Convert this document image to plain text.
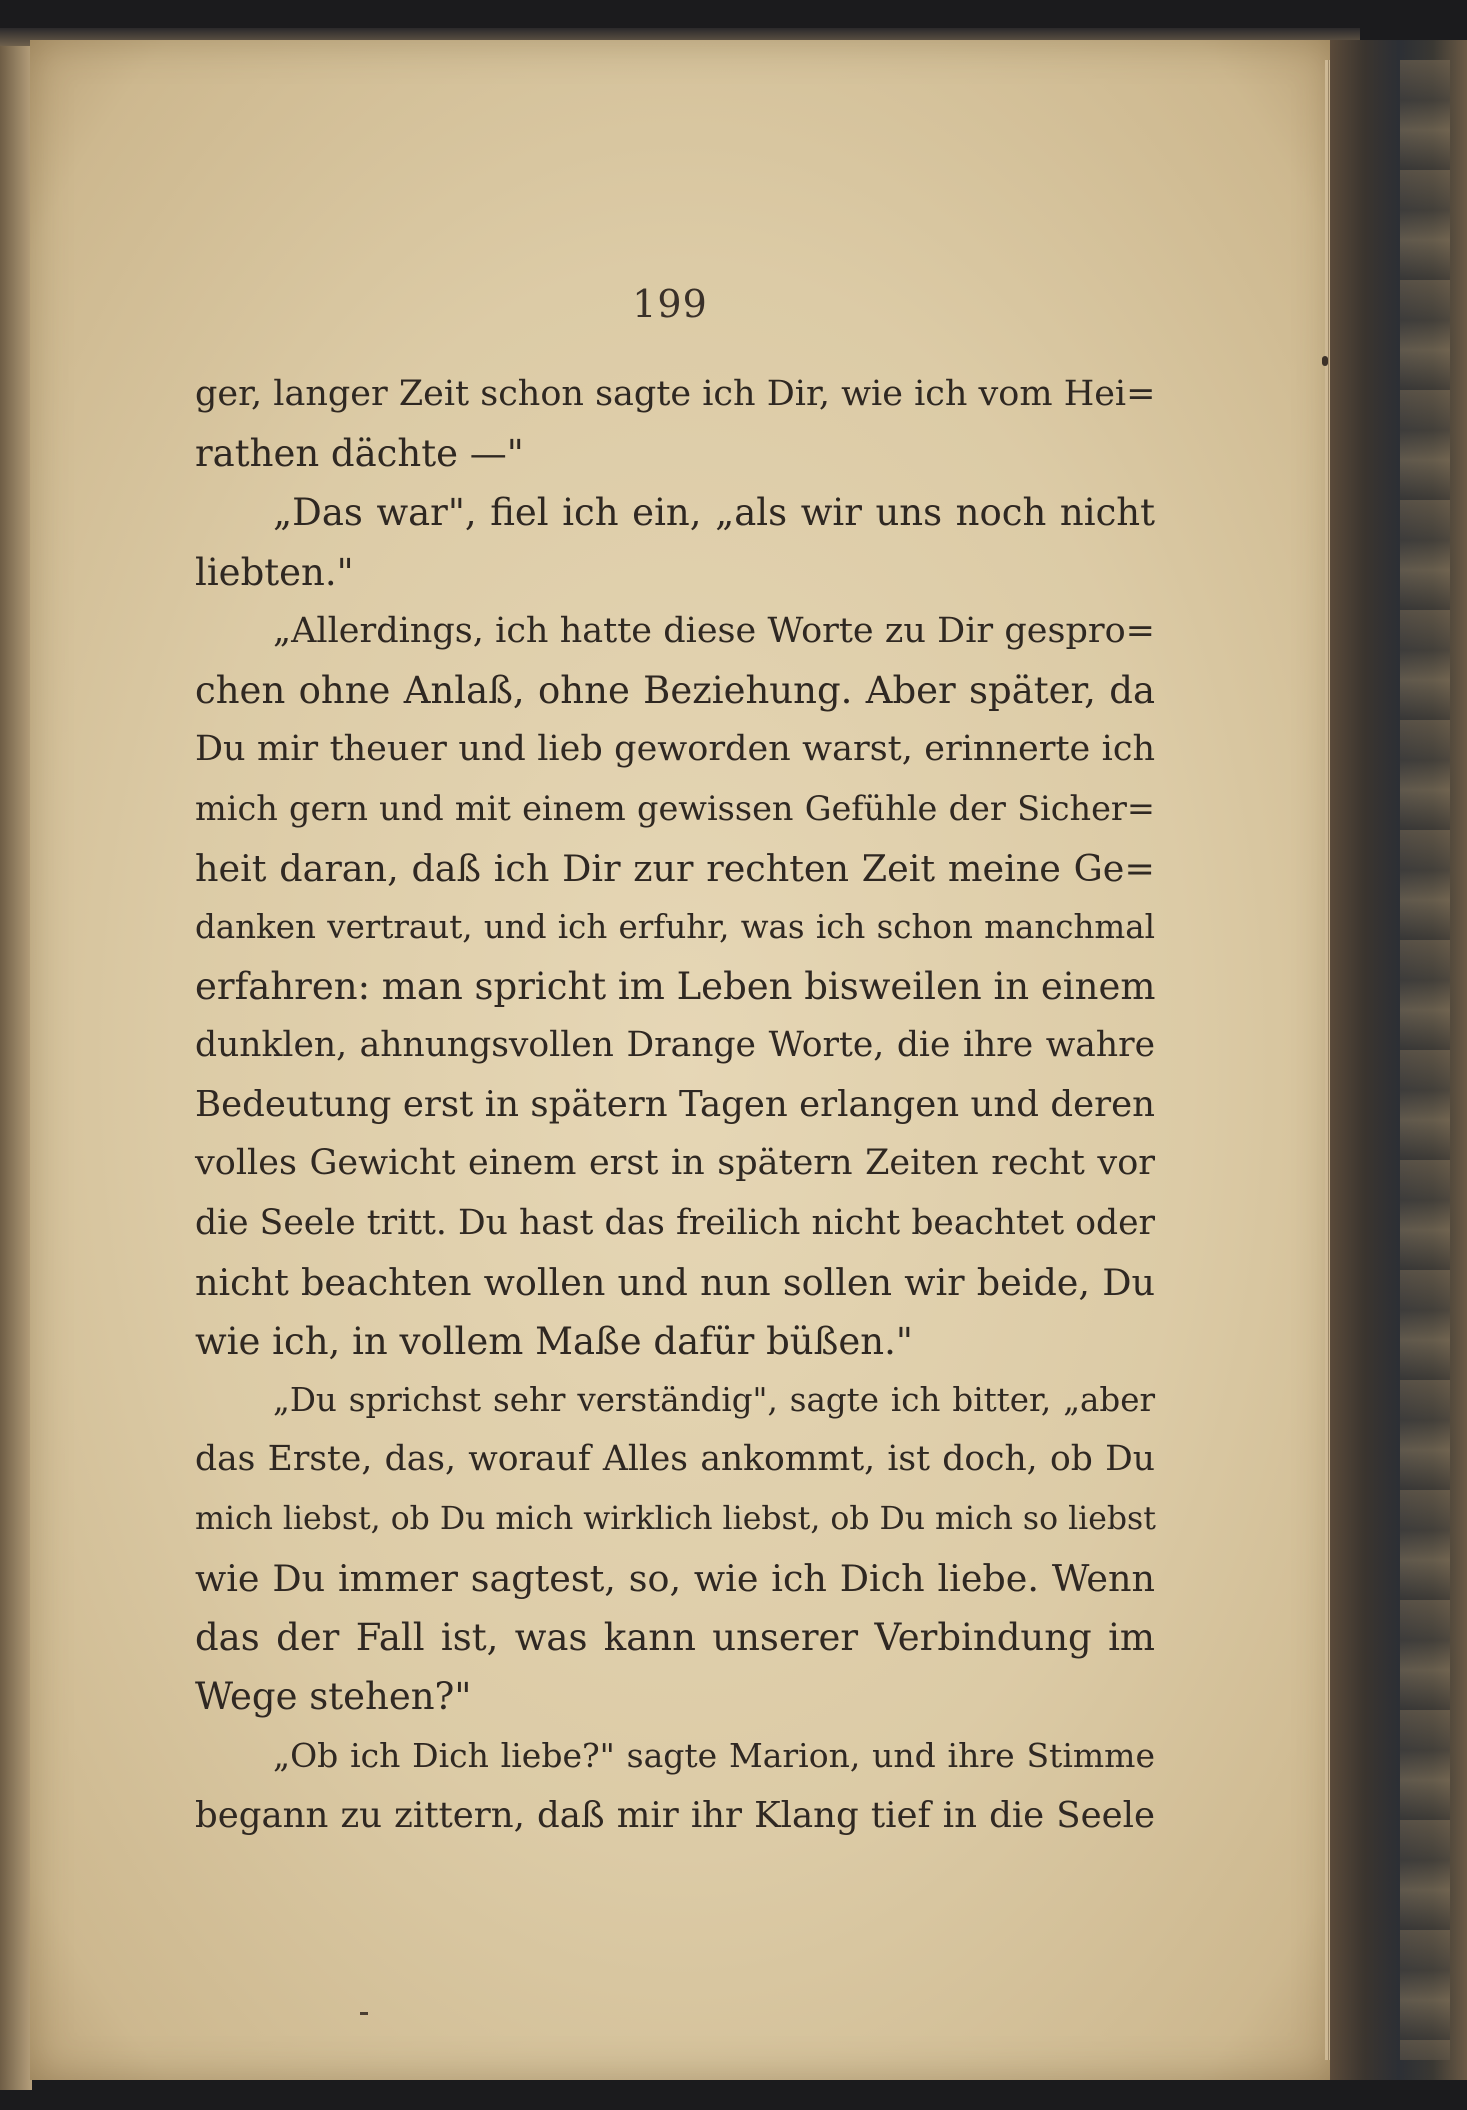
199
ger, langer Zeit schon sagte ich Dir, wie ich vom Hei=
rathen dächte —"
„Das war", fiel ich ein, „als wir uns noch nicht
liebten."
„Allerdings, ich hatte diese Worte zu Dir gespro=
chen ohne Anlaß, ohne Beziehung. Aber später, da
Du mir theuer und lieb geworden warst, erinnerte ich
mich gern und mit einem gewissen Gefühle der Sicher=
heit daran, daß ich Dir zur rechten Zeit meine Ge=
danken vertraut, und ich erfuhr, was ich schon manchmal
erfahren: man spricht im Leben bisweilen in einem
dunklen, ahnungsvollen Drange Worte, die ihre wahre
Bedeutung erst in spätern Tagen erlangen und deren
volles Gewicht einem erst in spätern Zeiten recht vor
die Seele tritt. Du hast das freilich nicht beachtet oder
nicht beachten wollen und nun sollen wir beide, Du
wie ich, in vollem Maße dafür büßen."
„Du sprichst sehr verständig", sagte ich bitter, „aber
das Erste, das, worauf Alles ankommt, ist doch, ob Du
mich liebst, ob Du mich wirklich liebst, ob Du mich so liebst
wie Du immer sagtest, so, wie ich Dich liebe. Wenn
das der Fall ist, was kann unserer Verbindung im
Wege stehen?"
„Ob ich Dich liebe?" sagte Marion, und ihre Stimme
begann zu zittern, daß mir ihr Klang tief in die Seele
